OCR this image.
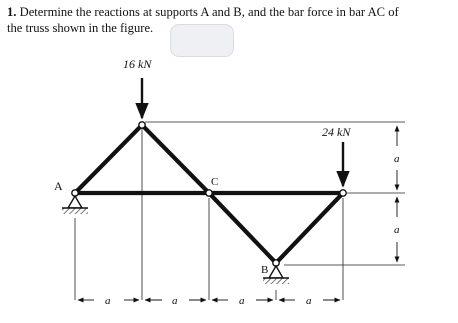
1. Determine the reactions at supports A and B, and the bar force in bar AC of
the truss shown in the figure.
16 kN
24 kN
A	C
B
a	a	a	a
a
a
